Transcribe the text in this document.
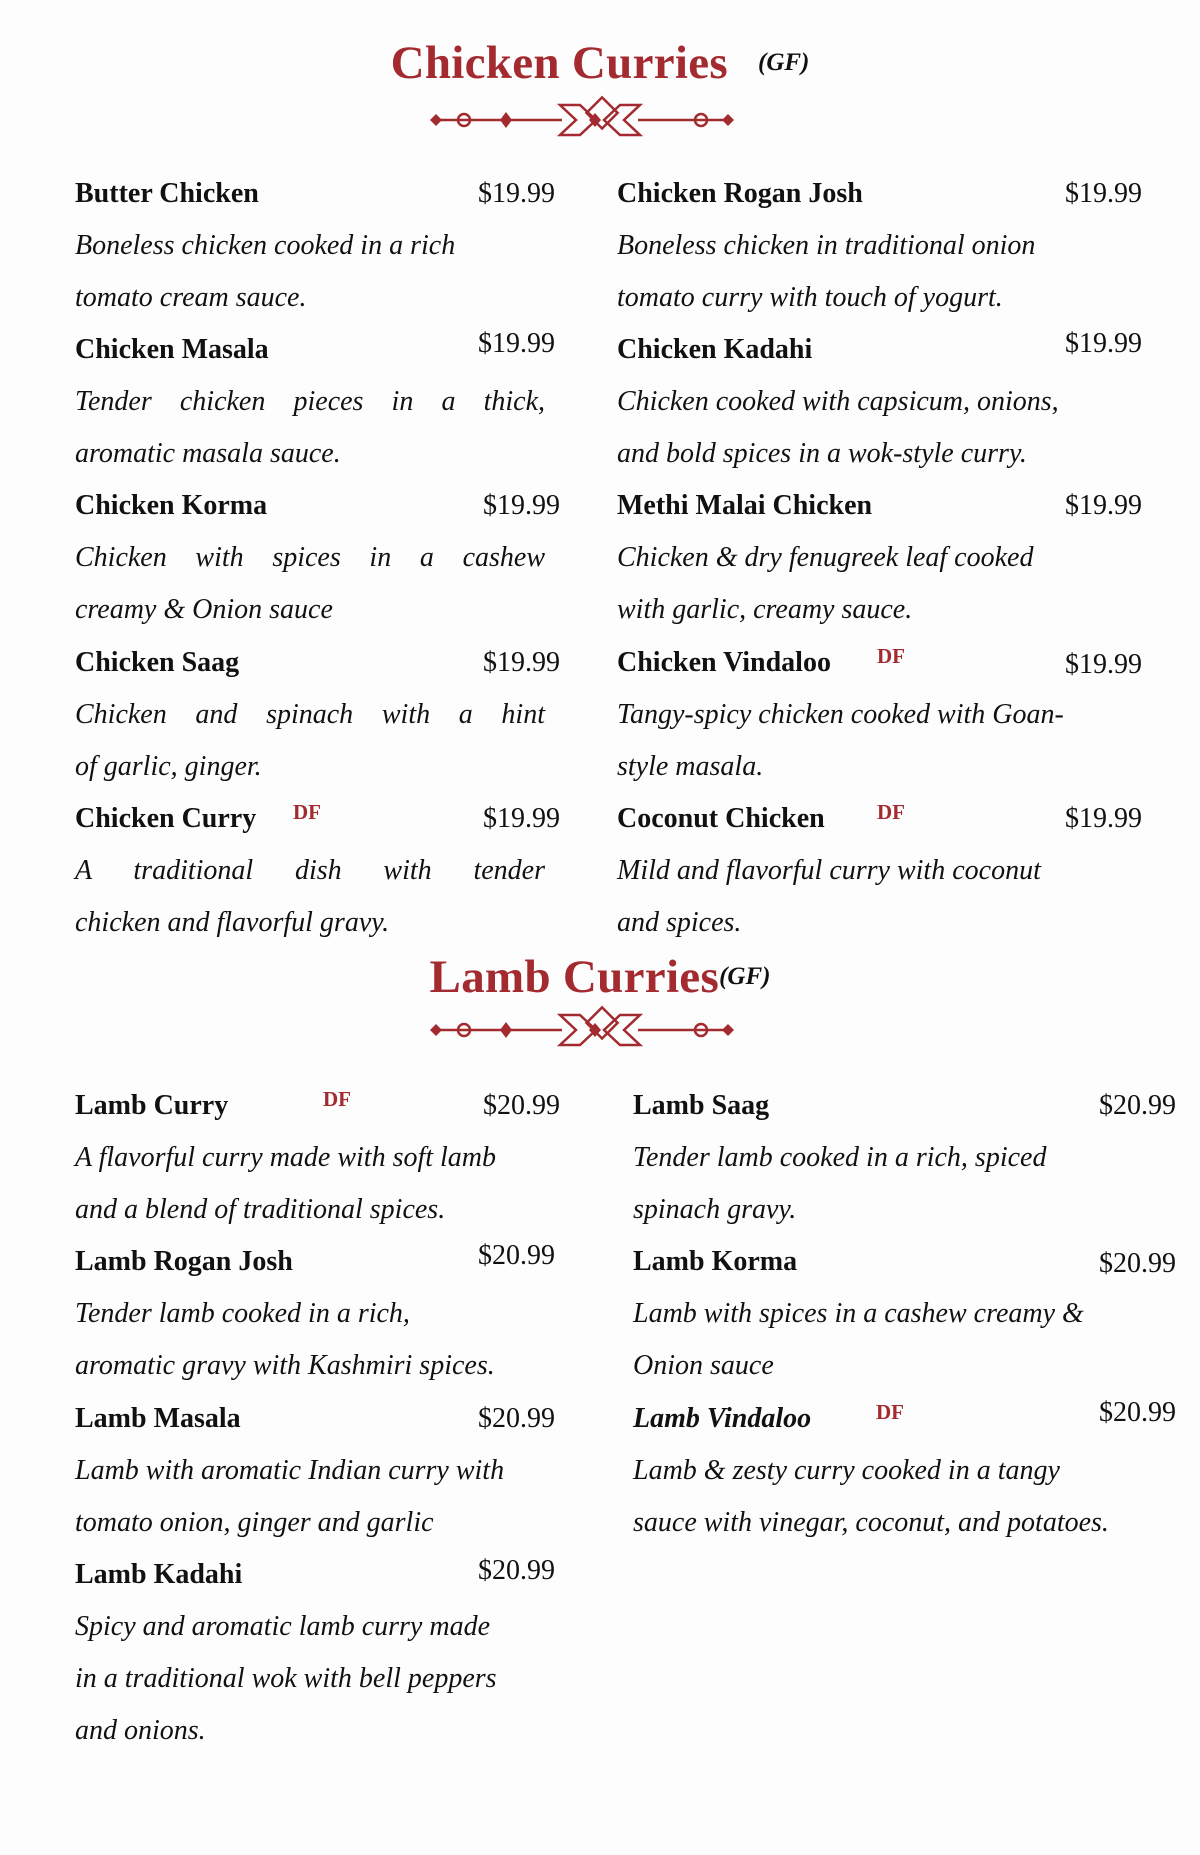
Chicken Curries (GF)
Butter Chicken	$19.99

Boneless chicken cooked in a rich

tomato cream sauce.

Chicken Masala	$19.99

Tender chicken pieces in a thick,

aromatic masala sauce.

Chicken Korma	$19.99

Chicken with spices in a cashew

creamy & Onion sauce

Chicken Saag	$19.99

Chicken and spinach with a hint

of garlic, ginger.

Chicken Curry DF	$19.99

A traditional dish with tender

chicken and flavorful gravy.

Chicken Rogan Josh	$19.99

Boneless chicken in traditional onion

tomato curry with touch of yogurt.

Chicken Kadahi	$19.99

Chicken cooked with capsicum, onions,

and bold spices in a wok-style curry.

Methi Malai Chicken	$19.99

Chicken & dry fenugreek leaf cooked

with garlic, creamy sauce.

Chicken Vindaloo DF	$19.99

Tangy-spicy chicken cooked with Goan-

style masala.

Coconut Chicken DF	$19.99

Mild and flavorful curry with coconut

and spices.

Lamb Curries(GF)
Lamb Curry	DF	$20.99

A flavorful curry made with soft lamb

and a blend of traditional spices.

Lamb Rogan Josh	$20.99

Tender lamb cooked in a rich,

aromatic gravy with Kashmiri spices.

Lamb Masala	$20.99

Lamb with aromatic Indian curry with

tomato onion, ginger and garlic

Lamb Kadahi	$20.99

Spicy and aromatic lamb curry made

in a traditional wok with bell peppers

and onions.

Lamb Saag	$20.99

Tender lamb cooked in a rich, spiced

spinach gravy.

Lamb Korma	$20.99

Lamb with spices in a cashew creamy &

Onion sauce

Lamb Vindaloo	DF	$20.99

Lamb & zesty curry cooked in a tangy

sauce with vinegar, coconut, and potatoes.
